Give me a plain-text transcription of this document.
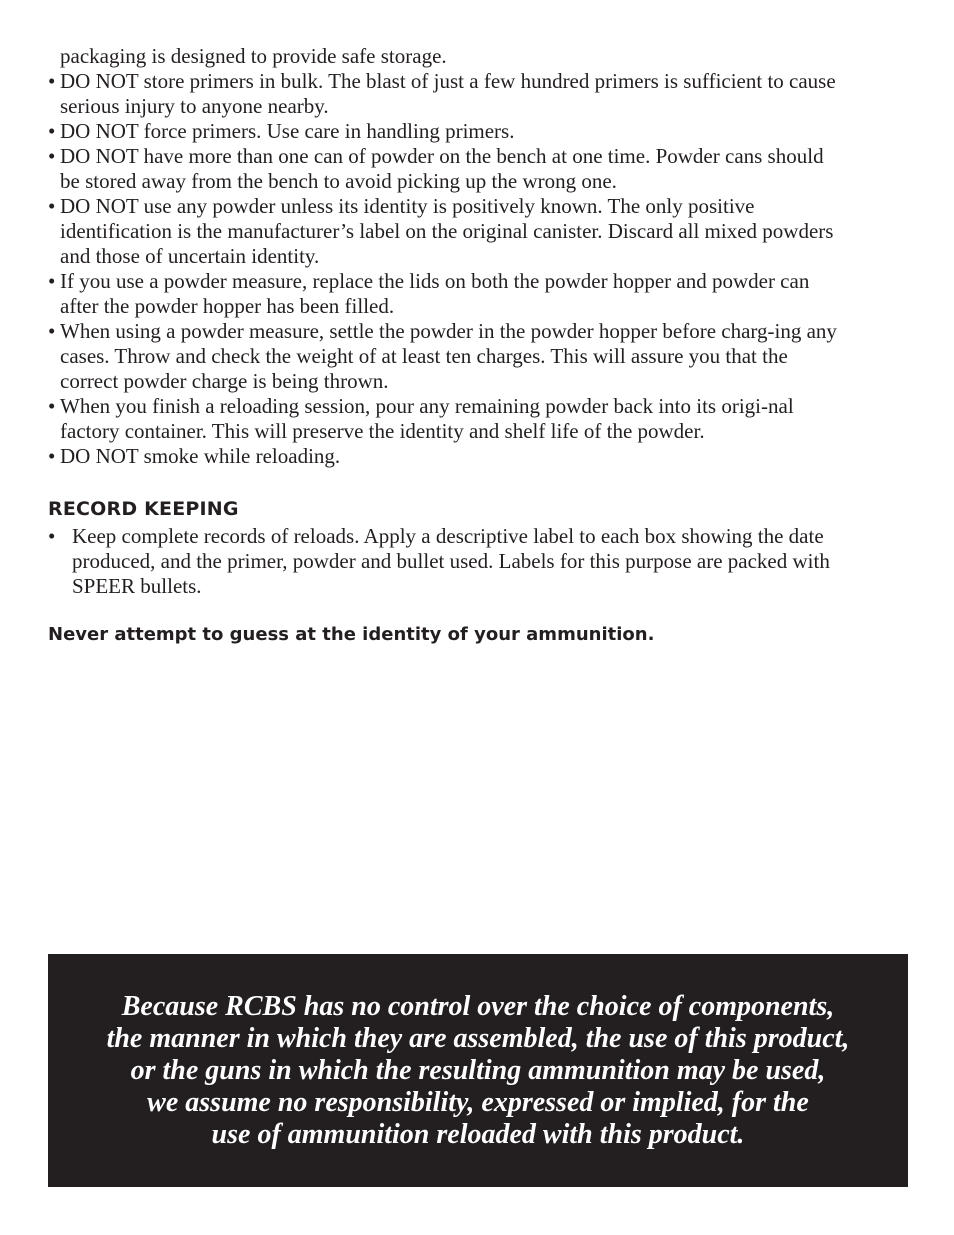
packaging is designed to provide safe storage.
• DO NOT store primers in bulk. The blast of just a few hundred primers is sufficient to cause serious injury to anyone nearby.
• DO NOT force primers. Use care in handling primers.
• DO NOT have more than one can of powder on the bench at one time. Powder cans should be stored away from the bench to avoid picking up the wrong one.
• DO NOT use any powder unless its identity is positively known. The only positive identification is the manufacturer’s label on the original canister. Discard all mixed powders and those of uncertain identity.
• If you use a powder measure, replace the lids on both the powder hopper and powder can after the powder hopper has been filled.
• When using a powder measure, settle the powder in the powder hopper before charg-ing any cases. Throw and check the weight of at least ten charges. This will assure you that the correct powder charge is being thrown.
• When you finish a reloading session, pour any remaining powder back into its origi-nal factory container. This will preserve the identity and shelf life of the powder.
• DO NOT smoke while reloading.
RECORD KEEPING
• Keep complete records of reloads. Apply a descriptive label to each box showing the date produced, and the primer, powder and bullet used. Labels for this purpose are packed with SPEER bullets.

Never attempt to guess at the identity of your ammunition.

Because RCBS has no control over the choice of components,
the manner in which they are assembled, the use of this product,
or the guns in which the resulting ammunition may be used,
we assume no responsibility, expressed or implied, for the
use of ammunition reloaded with this product.
